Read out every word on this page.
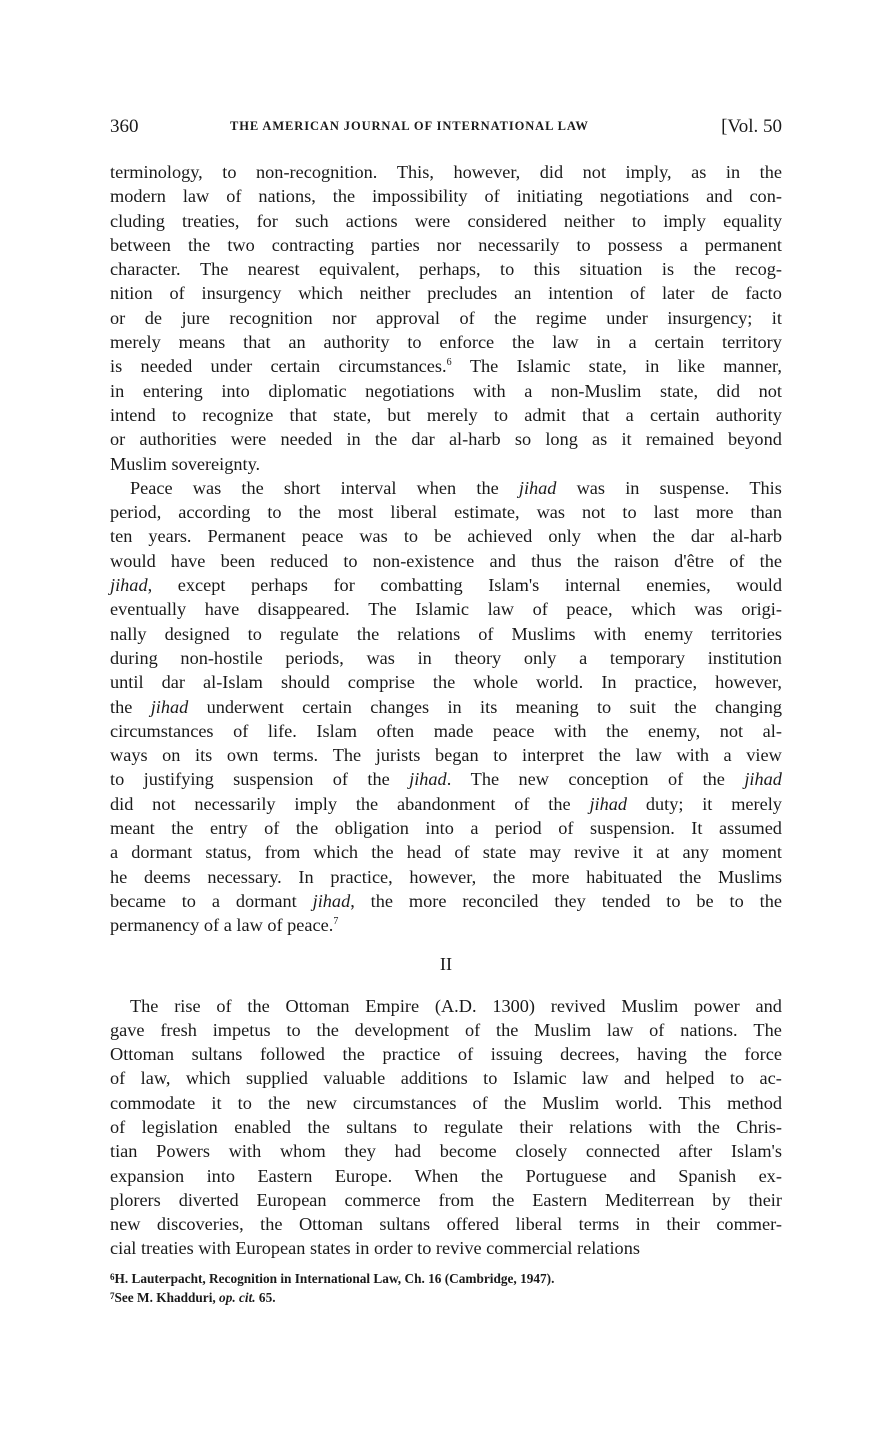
360	THE AMERICAN JOURNAL OF INTERNATIONAL LAW	[Vol. 50
terminology, to non-recognition. This, however, did not imply, as in the
modern law of nations, the impossibility of initiating negotiations and con-
cluding treaties, for such actions were considered neither to imply equality
between the two contracting parties nor necessarily to possess a permanent
character. The nearest equivalent, perhaps, to this situation is the recog-
nition of insurgency which neither precludes an intention of later de facto
or de jure recognition nor approval of the regime under insurgency; it
merely means that an authority to enforce the law in a certain territory
is needed under certain circumstances.$^6$ The Islamic state, in like manner,
in entering into diplomatic negotiations with a non-Muslim state, did not
intend to recognize that state, but merely to admit that a certain authority
or authorities were needed in the dar al-harb so long as it remained beyond
Muslim sovereignty.
Peace was the short interval when the jihad was in suspense. This
period, according to the most liberal estimate, was not to last more than
ten years. Permanent peace was to be achieved only when the dar al-harb
would have been reduced to non-existence and thus the raison d'être of the
jihad, except perhaps for combatting Islam's internal enemies, would
eventually have disappeared. The Islamic law of peace, which was origi-
nally designed to regulate the relations of Muslims with enemy territories
during non-hostile periods, was in theory only a temporary institution
until dar al-Islam should comprise the whole world. In practice, however,
the jihad underwent certain changes in its meaning to suit the changing
circumstances of life. Islam often made peace with the enemy, not al-
ways on its own terms. The jurists began to interpret the law with a view
to justifying suspension of the jihad. The new conception of the jihad
did not necessarily imply the abandonment of the jihad duty; it merely
meant the entry of the obligation into a period of suspension. It assumed
a dormant status, from which the head of state may revive it at any moment
he deems necessary. In practice, however, the more habituated the Muslims
became to a dormant jihad, the more reconciled they tended to be to the
permanency of a law of peace.$^7$
II
The rise of the Ottoman Empire (A.D. 1300) revived Muslim power and
gave fresh impetus to the development of the Muslim law of nations. The
Ottoman sultans followed the practice of issuing decrees, having the force
of law, which supplied valuable additions to Islamic law and helped to ac-
commodate it to the new circumstances of the Muslim world. This method
of legislation enabled the sultans to regulate their relations with the Chris-
tian Powers with whom they had become closely connected after Islam's
expansion into Eastern Europe. When the Portuguese and Spanish ex-
plorers diverted European commerce from the Eastern Mediterrean by their
new discoveries, the Ottoman sultans offered liberal terms in their commer-
cial treaties with European states in order to revive commercial relations
$^6$H. Lauterpacht, Recognition in International Law, Ch. 16 (Cambridge, 1947).
$^7$See M. Khadduri, op. cit. 65.
